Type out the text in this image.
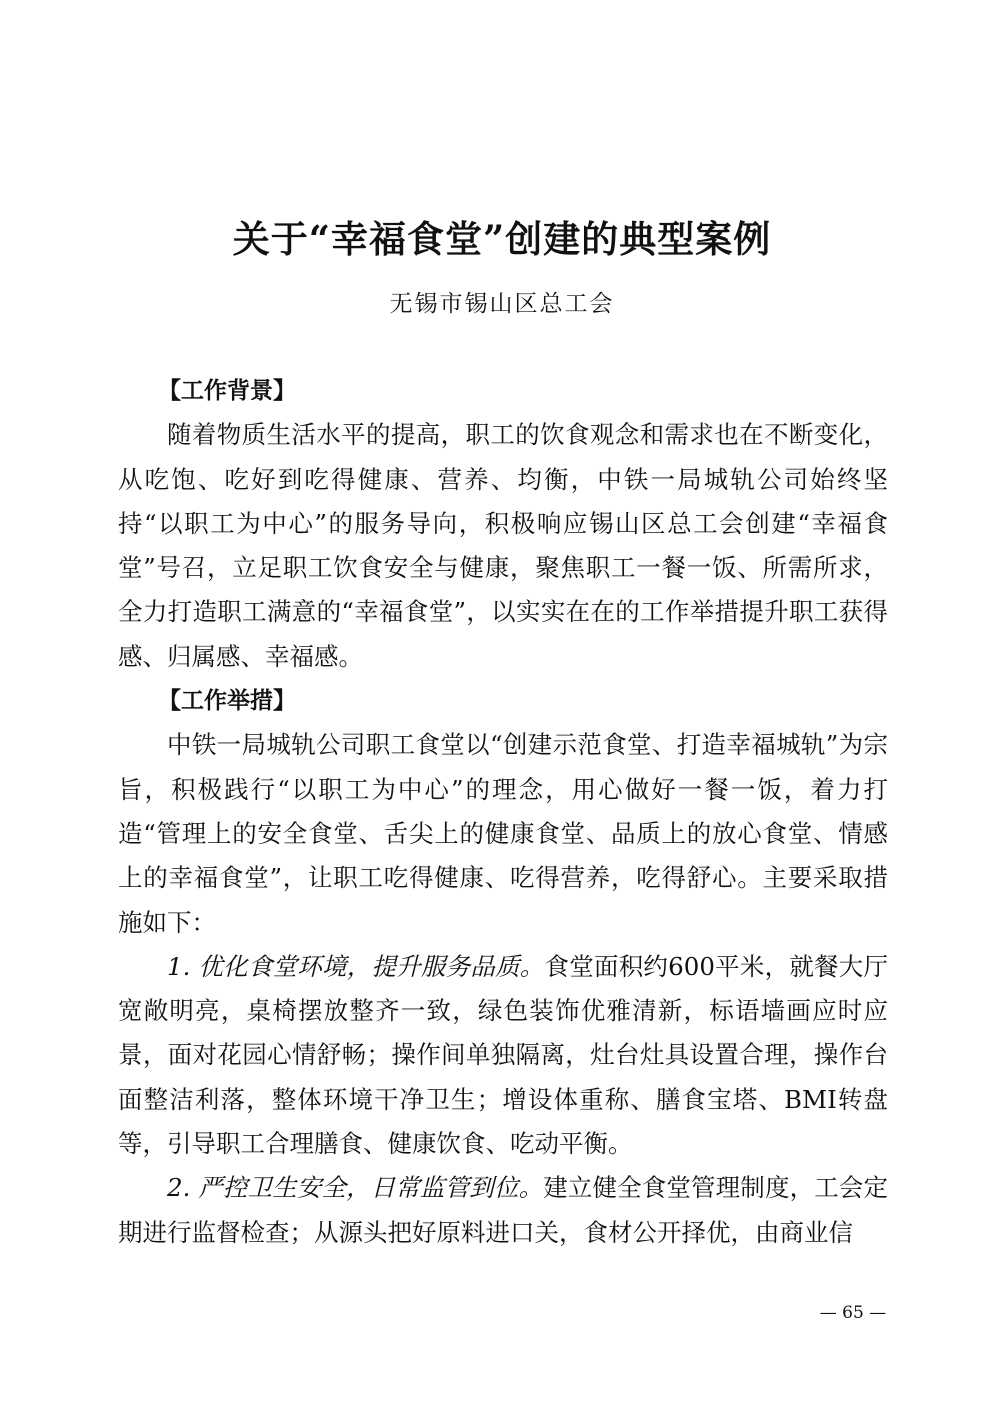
关于“幸福食堂”创建的典型案例
无锡市锡山区总工会

【工作背景】

随着物质生活水平的提高，职工的饮食观念和需求也在不断变化，从吃饱、吃好到吃得健康、营养、均衡，中铁一局城轨公司始终坚持“以职工为中心”的服务导向，积极响应锡山区总工会创建“幸福食堂”号召，立足职工饮食安全与健康，聚焦职工一餐一饭、所需所求，全力打造职工满意的“幸福食堂”，以实实在在的工作举措提升职工获得感、归属感、幸福感。

【工作举措】

中铁一局城轨公司职工食堂以“创建示范食堂、打造幸福城轨”为宗旨，积极践行“以职工为中心”的理念，用心做好一餐一饭，着力打造“管理上的安全食堂、舌尖上的健康食堂、品质上的放心食堂、情感上的幸福食堂”，让职工吃得健康、吃得营养，吃得舒心。主要采取措施如下：

1. 优化食堂环境，提升服务品质。食堂面积约600平米，就餐大厅宽敞明亮，桌椅摆放整齐一致，绿色装饰优雅清新，标语墙画应时应景，面对花园心情舒畅；操作间单独隔离，灶台灶具设置合理，操作台面整洁利落，整体环境干净卫生；增设体重称、膳食宝塔、BMI转盘等，引导职工合理膳食、健康饮食、吃动平衡。

2. 严控卫生安全，日常监管到位。建立健全食堂管理制度，工会定期进行监督检查；从源头把好原料进口关，食材公开择优，由商业信

— 65 —
